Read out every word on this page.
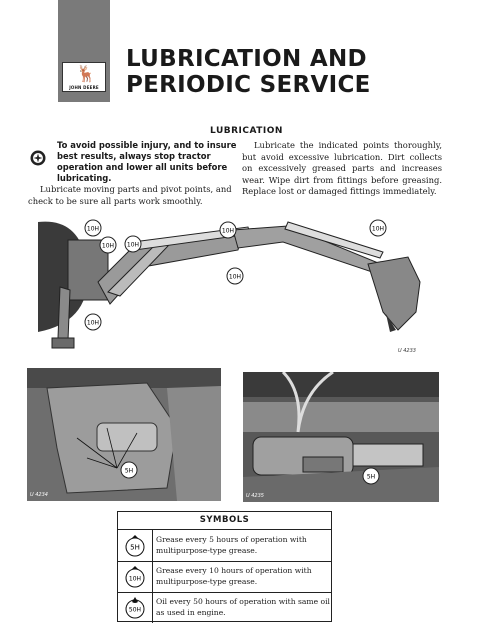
🦌
JOHN DEERE
LUBRICATION AND
PERIODIC SERVICE
LUBRICATION
To avoid possible injury, and to insure best results, always stop tractor operation and lower all units before lubricating.
Lubricate moving parts and pivot points, and check to be sure all parts work smoothly.
Lubricate the indicated points thoroughly, but avoid excessive lubrication. Dirt collects on excessively greased parts and increases wear. Wipe dirt from fittings before greasing. Replace lost or damaged fittings immediately.
10H
10H 10H
10H
10H
10H
10H
U 4233
5H
U 4234
5H
U 4235
SYMBOLS
5H
Grease every 5 hours of operation with multipurpose-type grease.
10H
Grease every 10 hours of operation with multipurpose-type grease.
50H
Oil every 50 hours of operation with same oil as used in engine.
